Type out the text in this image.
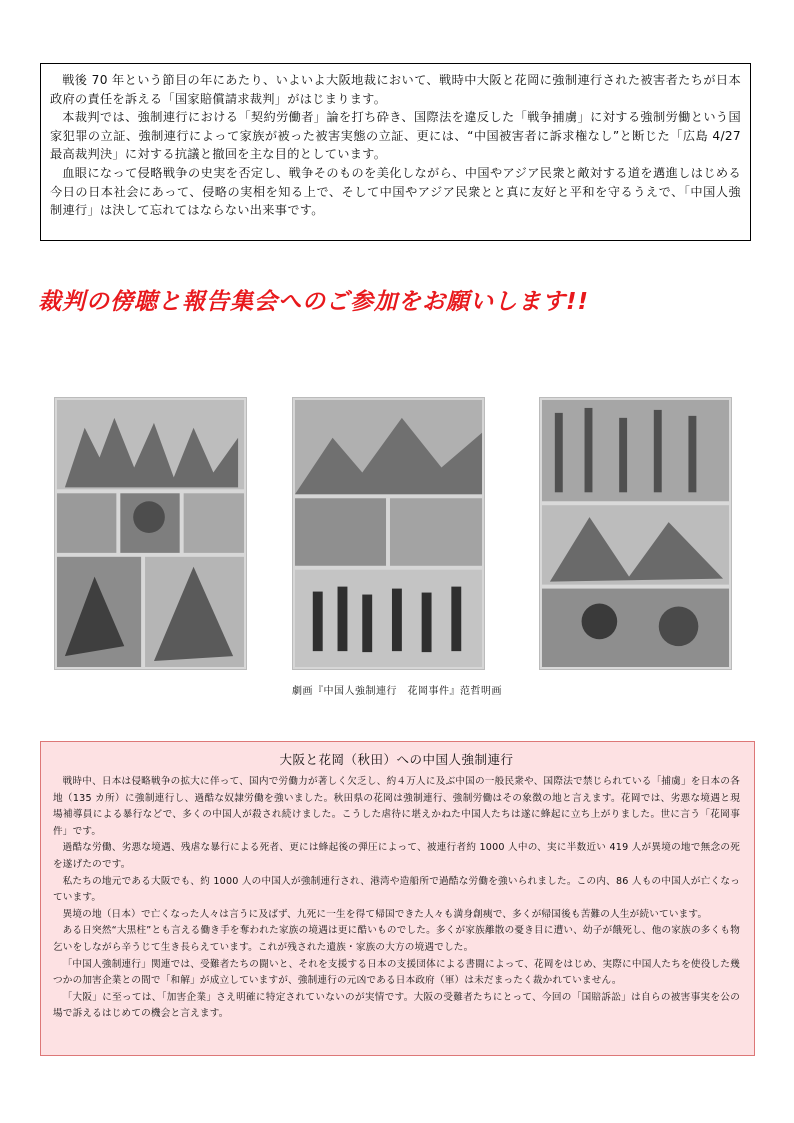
戦後 70 年という節目の年にあたり、いよいよ大阪地裁において、戦時中大阪と花岡に強制連行された被害者たちが日本政府の責任を訴える「国家賠償請求裁判」がはじまります。

本裁判では、強制連行における「契約労働者」論を打ち砕き、国際法を違反した「戦争捕虜」に対する強制労働という国家犯罪の立証、強制連行によって家族が被った被害実態の立証、更には、“中国被害者に訴求権なし”と断じた「広島 4/27 最高裁判決」に対する抗議と撤回を主な目的としています。

血眼になって侵略戦争の史実を否定し、戦争そのものを美化しながら、中国やアジア民衆と敵対する道を邁進しはじめる今日の日本社会にあって、侵略の実相を知る上で、そして中国やアジア民衆とと真に友好と平和を守るうえで、「中国人強制連行」は決して忘れてはならない出来事です。

裁判の傍聴と報告集会へのご参加をお願いします!!
劇画『中国人強制連行　花岡事件』范哲明画
大阪と花岡（秋田）への中国人強制連行

戦時中、日本は侵略戦争の拡大に伴って、国内で労働力が著しく欠乏し、約４万人に及ぶ中国の一般民衆や、国際法で禁じられている「捕虜」を日本の各地（135 カ所）に強制連行し、過酷な奴隷労働を強いました。秋田県の花岡は強制連行、強制労働はその象徴の地と言えます。花岡では、劣悪な境遇と現場補導員による暴行などで、多くの中国人が殺され続けました。こうした虐待に堪えかねた中国人たちは遂に蜂起に立ち上がりました。世に言う「花岡事件」です。

過酷な労働、劣悪な境遇、残虐な暴行による死者、更には蜂起後の弾圧によって、被連行者約 1000 人中の、実に半数近い 419 人が異境の地で無念の死を遂げたのです。

私たちの地元である大阪でも、約 1000 人の中国人が強制連行され、港湾や造船所で過酷な労働を強いられました。この内、86 人もの中国人が亡くなっています。

異境の地（日本）で亡くなった人々は言うに及ばず、九死に一生を得て帰国できた人々も満身創痍で、多くが帰国後も苦難の人生が続いています。

ある日突然“大黒柱”とも言える働き手を奪われた家族の境遇は更に酷いものでした。多くが家族離散の憂き目に遭い、幼子が餓死し、他の家族の多くも物乞いをしながら辛うじて生き長らえています。これが残された遺族・家族の大方の境遇でした。

「中国人強制連行」関連では、受難者たちの闘いと、それを支援する日本の支援団体による書闘によって、花岡をはじめ、実際に中国人たちを使役した幾つかの加害企業との間で「和解」が成立していますが、強制連行の元凶である日本政府（軍）は未だまったく裁かれていません。

「大阪」に至っては、「加害企業」さえ明確に特定されていないのが実情です。大阪の受難者たちにとって、今回の「国賠訴訟」は自らの被害事実を公の場で訴えるはじめての機会と言えます。
